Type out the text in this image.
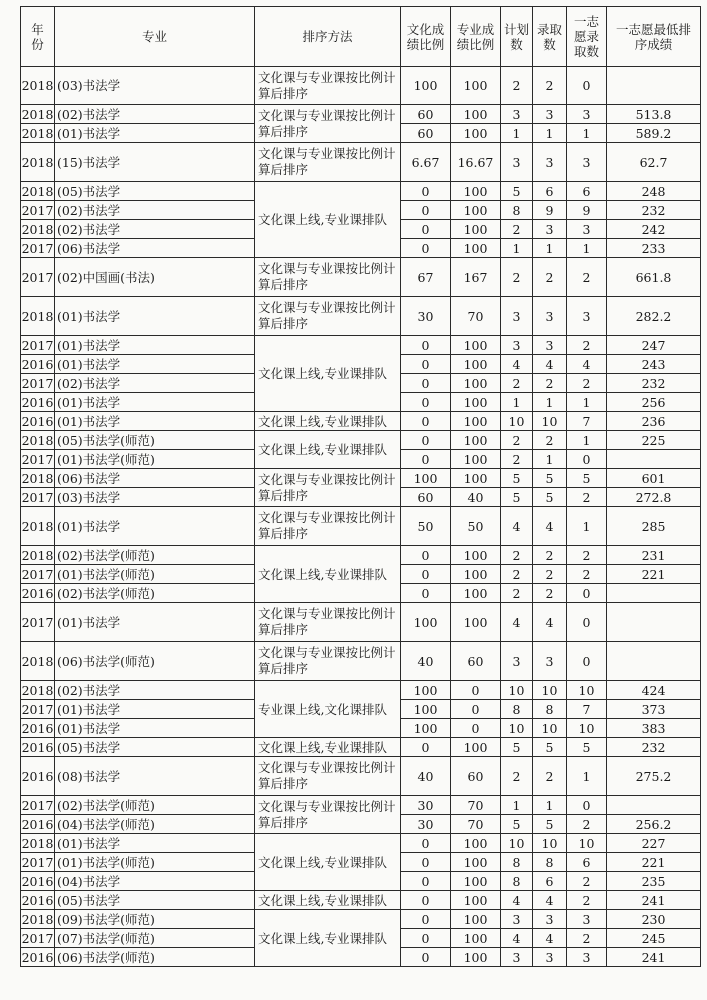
年份	专业	排序方法	文化成绩比例	专业成绩比例	计划数	录取数	一志愿录取数	一志愿最低排序成绩
2018	(03)书法学	文化课与专业课按比例计算后排序	100	100	2	2	0	
2018	(02)书法学	文化课与专业课按比例计算后排序	60	100	3	3	3	513.8
2018	(01)书法学		60	100	1	1	1	589.2
2018	(15)书法学	文化课与专业课按比例计算后排序	6.67	16.67	3	3	3	62.7
2018	(05)书法学	文化课上线,专业课排队	0	100	5	6	6	248
2017	(02)书法学		0	100	8	9	9	232
2018	(02)书法学		0	100	2	3	3	242
2017	(06)书法学		0	100	1	1	1	233
2017	(02)中国画(书法)	文化课与专业课按比例计算后排序	67	167	2	2	2	661.8
2018	(01)书法学	文化课与专业课按比例计算后排序	30	70	3	3	3	282.2
2017	(01)书法学	文化课上线,专业课排队	0	100	3	3	2	247
2016	(01)书法学		0	100	4	4	4	243
2017	(02)书法学		0	100	2	2	2	232
2016	(01)书法学		0	100	1	1	1	256
2016	(01)书法学	文化课上线,专业课排队	0	100	10	10	7	236
2018	(05)书法学(师范)	文化课上线,专业课排队	0	100	2	2	1	225
2017	(01)书法学(师范)		0	100	2	1	0	
2018	(06)书法学	文化课与专业课按比例计算后排序	100	100	5	5	5	601
2017	(03)书法学		60	40	5	5	2	272.8
2018	(01)书法学	文化课与专业课按比例计算后排序	50	50	4	4	1	285
2018	(02)书法学(师范)	文化课上线,专业课排队	0	100	2	2	2	231
2017	(01)书法学(师范)		0	100	2	2	2	221
2016	(02)书法学(师范)		0	100	2	2	0	
2017	(01)书法学	文化课与专业课按比例计算后排序	100	100	4	4	0	
2018	(06)书法学(师范)	文化课与专业课按比例计算后排序	40	60	3	3	0	
2018	(02)书法学	专业课上线,文化课排队	100	0	10	10	10	424
2017	(01)书法学		100	0	8	8	7	373
2016	(01)书法学		100	0	10	10	10	383
2016	(05)书法学	文化课上线,专业课排队	0	100	5	5	5	232
2016	(08)书法学	文化课与专业课按比例计算后排序	40	60	2	2	1	275.2
2017	(02)书法学(师范)	文化课与专业课按比例计算后排序	30	70	1	1	0	
2016	(04)书法学(师范)		30	70	5	5	2	256.2
2018	(01)书法学	文化课上线,专业课排队	0	100	10	10	10	227
2017	(01)书法学(师范)		0	100	8	8	6	221
2016	(04)书法学		0	100	8	6	2	235
2016	(05)书法学	文化课上线,专业课排队	0	100	4	4	2	241
2018	(09)书法学(师范)	文化课上线,专业课排队	0	100	3	3	3	230
2017	(07)书法学(师范)		0	100	4	4	2	245
2016	(06)书法学(师范)		0	100	3	3	3	241
